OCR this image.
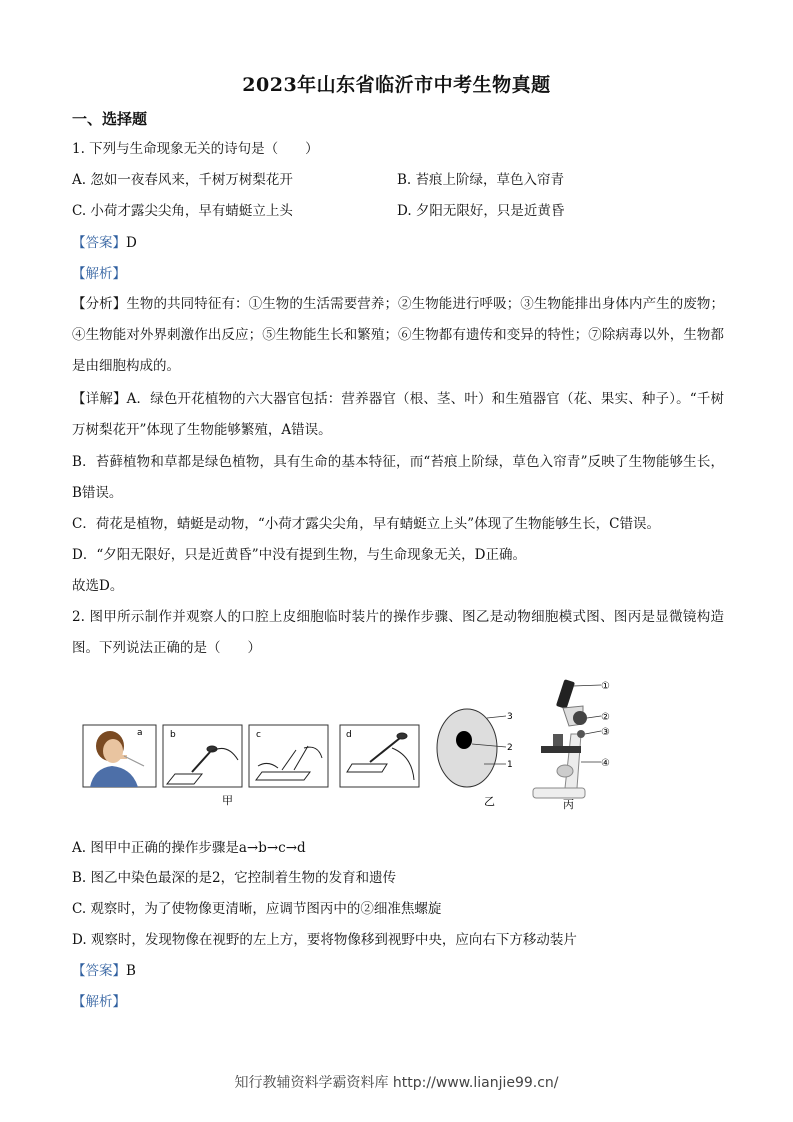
2023年山东省临沂市中考生物真题
一、选择题
1. 下列与生命现象无关的诗句是（　　）
A. 忽如一夜春风来，千树万树梨花开	B. 苔痕上阶绿，草色入帘青
C. 小荷才露尖尖角，早有蜻蜓立上头	D. 夕阳无限好，只是近黄昏
【答案】D
【解析】
【分析】生物的共同特征有：①生物的生活需要营养；②生物能进行呼吸；③生物能排出身体内产生的废物；④生物能对外界刺激作出反应；⑤生物能生长和繁殖；⑥生物都有遗传和变异的特性；⑦除病毒以外，生物都是由细胞构成的。
【详解】A．绿色开花植物的六大器官包括：营养器官（根、茎、叶）和生殖器官（花、果实、种子）。“千树万树梨花开”体现了生物能够繁殖，A错误。
B．苔藓植物和草都是绿色植物，具有生命的基本特征，而“苔痕上阶绿，草色入帘青”反映了生物能够生长，B错误。
C．荷花是植物，蜻蜓是动物，“小荷才露尖尖角，早有蜻蜓立上头”体现了生物能够生长，C错误。
D．“夕阳无限好，只是近黄昏”中没有提到生物，与生命现象无关，D正确。
故选D。
2. 图甲所示制作并观察人的口腔上皮细胞临时装片的操作步骤、图乙是动物细胞模式图、图丙是显微镜构造图。下列说法正确的是（　　）
a	b	c	d
甲
3
2
1
乙
①
②
③
④
丙
A. 图甲中正确的操作步骤是a→b→c→d
B. 图乙中染色最深的是2，它控制着生物的发育和遗传
C. 观察时，为了使物像更清晰，应调节图丙中的②细准焦螺旋
D. 观察时，发现物像在视野的左上方，要将物像移到视野中央，应向右下方移动装片
【答案】B
【解析】
知行教辅资料学霸资料库 http://www.lianjie99.cn/
